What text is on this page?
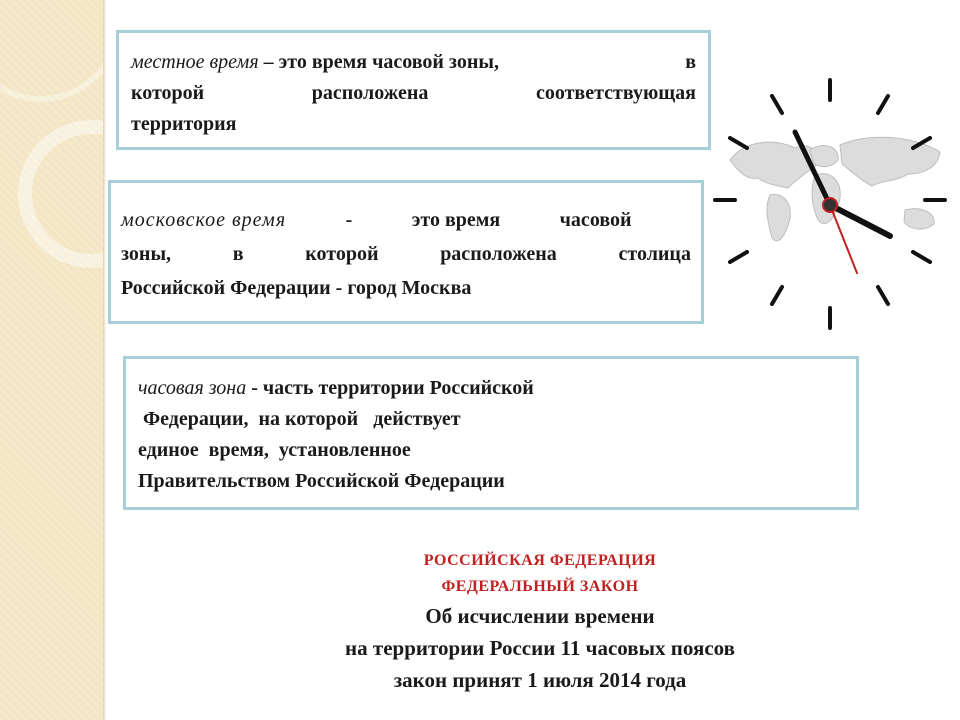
местное время – это время часовой зоны,	в
которой	расположена	соответствующая
территория
московское время	-	это время	часовой
зоны,	в	которой	расположена	столица
Российской Федерации - город Москва
часовая зона - часть территории Российской
Федерации,  на которой   действует
единое  время,  установленное
Правительством Российской Федерации
РОССИЙСКАЯ ФЕДЕРАЦИЯ
ФЕДЕРАЛЬНЫЙ ЗАКОН
Об исчислении времени
на территории России 11 часовых поясов
закон принят 1 июля 2014 года
